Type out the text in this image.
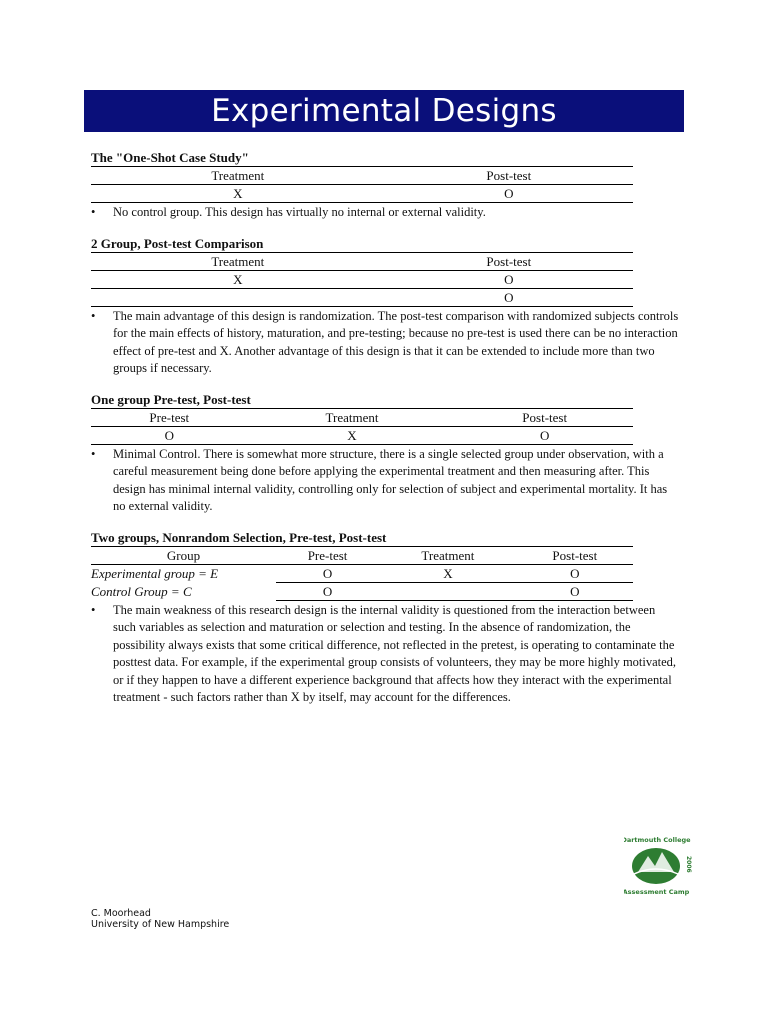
Experimental Designs

The "One-Shot Case Study"

Treatment	Post-test
X	O
•	No control group. This design has virtually no internal or external validity.

2 Group, Post-test Comparison

Treatment	Post-test
X	O
	O
•	The main advantage of this design is randomization. The post-test comparison with randomized subjects controls for the main effects of history, maturation, and pre-testing; because no pre-test is used there can be no interaction effect of pre-test and X. Another advantage of this design is that it can be extended to include more than two groups if necessary.

One group Pre-test, Post-test

Pre-test	Treatment	Post-test
O	X	O
•	Minimal Control. There is somewhat more structure, there is a single selected group under observation, with a careful measurement being done before applying the experimental treatment and then measuring after. This design has minimal internal validity, controlling only for selection of subject and experimental mortality. It has no external validity.

Two groups, Nonrandom Selection, Pre-test, Post-test

Group	Pre-test	Treatment	Post-test
Experimental group = E	O	X	O
Control Group = C	O		O
•	The main weakness of this research design is the internal validity is questioned from the interaction between such variables as selection and maturation or selection and testing. In the absence of randomization, the possibility always exists that some critical difference, not reflected in the pretest, is operating to contaminate the posttest data. For example, if the experimental group consists of volunteers, they may be more highly motivated, or if they happen to have a different experience background that affects how they interact with the experimental treatment - such factors rather than X by itself, may account for the differences.
Dartmouth College
Assessment Camp
2006
C. Moorhead
University of New Hampshire
